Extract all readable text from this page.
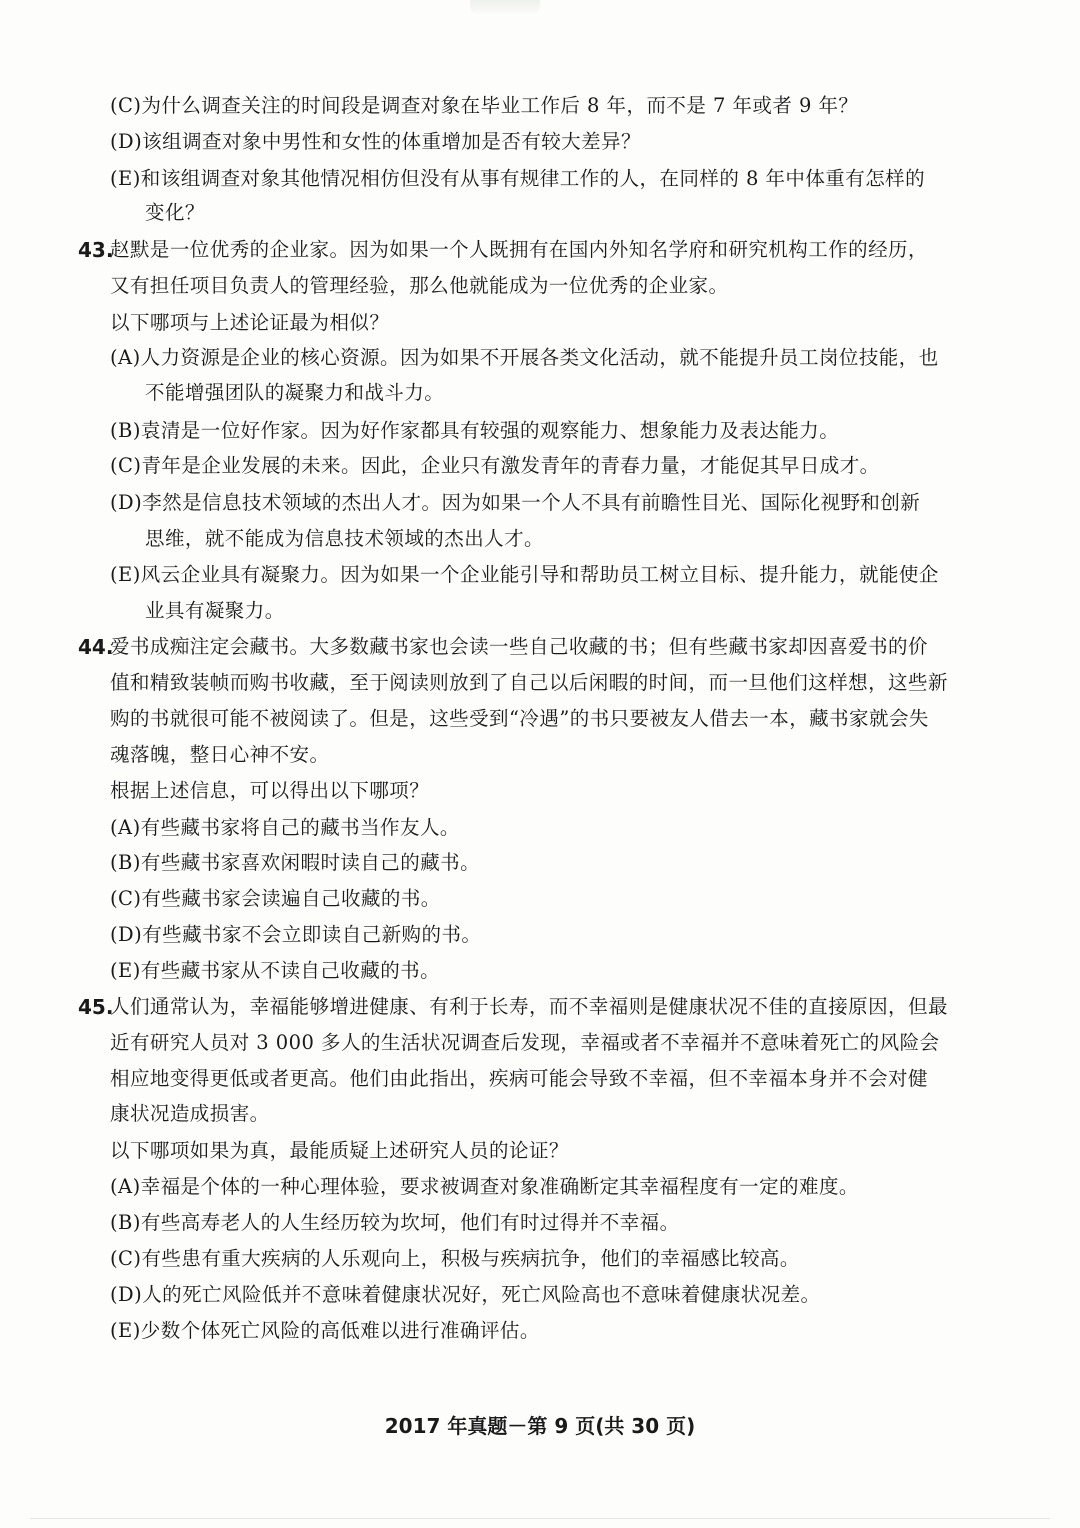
(C)为什么调查关注的时间段是调查对象在毕业工作后 8 年，而不是 7 年或者 9 年？
(D)该组调查对象中男性和女性的体重增加是否有较大差异？
(E)和该组调查对象其他情况相仿但没有从事有规律工作的人，在同样的 8 年中体重有怎样的
变化？
43.
赵默是一位优秀的企业家。因为如果一个人既拥有在国内外知名学府和研究机构工作的经历，
又有担任项目负责人的管理经验，那么他就能成为一位优秀的企业家。
以下哪项与上述论证最为相似？
(A)人力资源是企业的核心资源。因为如果不开展各类文化活动，就不能提升员工岗位技能，也
不能增强团队的凝聚力和战斗力。
(B)袁清是一位好作家。因为好作家都具有较强的观察能力、想象能力及表达能力。
(C)青年是企业发展的未来。因此，企业只有激发青年的青春力量，才能促其早日成才。
(D)李然是信息技术领域的杰出人才。因为如果一个人不具有前瞻性目光、国际化视野和创新
思维，就不能成为信息技术领域的杰出人才。
(E)风云企业具有凝聚力。因为如果一个企业能引导和帮助员工树立目标、提升能力，就能使企
业具有凝聚力。
44.
爱书成痴注定会藏书。大多数藏书家也会读一些自己收藏的书；但有些藏书家却因喜爱书的价
值和精致装帧而购书收藏，至于阅读则放到了自己以后闲暇的时间，而一旦他们这样想，这些新
购的书就很可能不被阅读了。但是，这些受到“冷遇”的书只要被友人借去一本，藏书家就会失
魂落魄，整日心神不安。
根据上述信息，可以得出以下哪项？
(A)有些藏书家将自己的藏书当作友人。
(B)有些藏书家喜欢闲暇时读自己的藏书。
(C)有些藏书家会读遍自己收藏的书。
(D)有些藏书家不会立即读自己新购的书。
(E)有些藏书家从不读自己收藏的书。
45.
人们通常认为，幸福能够增进健康、有利于长寿，而不幸福则是健康状况不佳的直接原因，但最
近有研究人员对 3 000 多人的生活状况调查后发现，幸福或者不幸福并不意味着死亡的风险会
相应地变得更低或者更高。他们由此指出，疾病可能会导致不幸福，但不幸福本身并不会对健
康状况造成损害。
以下哪项如果为真，最能质疑上述研究人员的论证？
(A)幸福是个体的一种心理体验，要求被调查对象准确断定其幸福程度有一定的难度。
(B)有些高寿老人的人生经历较为坎坷，他们有时过得并不幸福。
(C)有些患有重大疾病的人乐观向上，积极与疾病抗争，他们的幸福感比较高。
(D)人的死亡风险低并不意味着健康状况好，死亡风险高也不意味着健康状况差。
(E)少数个体死亡风险的高低难以进行准确评估。
2017 年真题－第 9 页(共 30 页)
